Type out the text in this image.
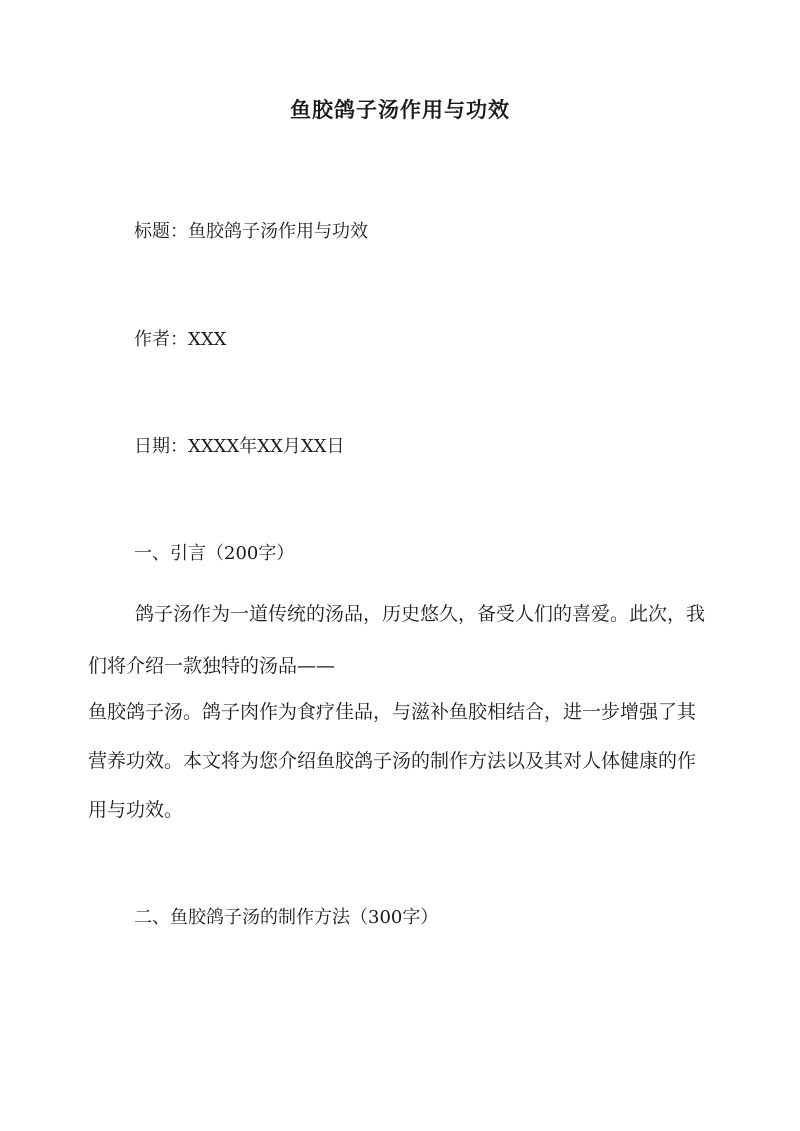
鱼胶鸽子汤作用与功效
标题：鱼胶鸽子汤作用与功效
作者：XXX
日期：XXXX年XX月XX日
一、引言（200字）
鸽子汤作为一道传统的汤品，历史悠久，备受人们的喜爱。此次，我
们将介绍一款独特的汤品——
鱼胶鸽子汤。鸽子肉作为食疗佳品，与滋补鱼胶相结合，进一步增强了其
营养功效。本文将为您介绍鱼胶鸽子汤的制作方法以及其对人体健康的作
用与功效。
二、鱼胶鸽子汤的制作方法（300字）
